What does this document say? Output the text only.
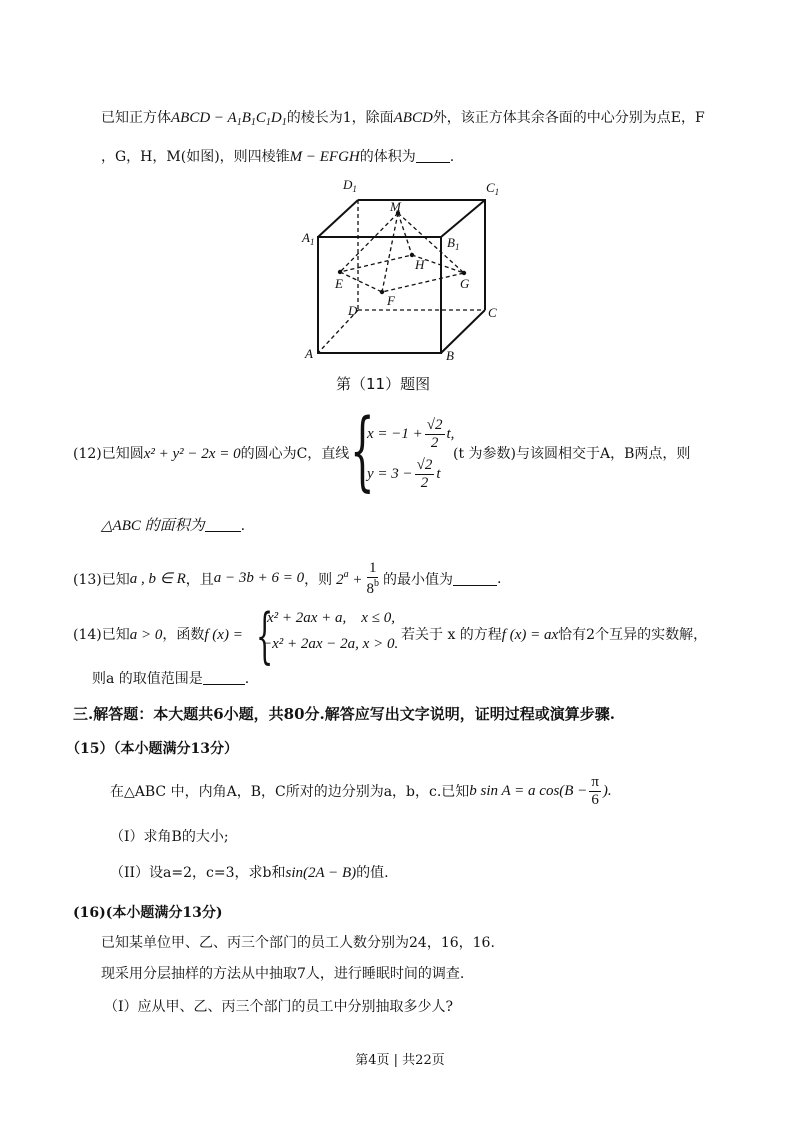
已知正方体ABCD − $A_1B_1C_1D_1$的棱长为1，除面ABCD外，该正方体其余各面的中心分别为点E，F
，G，H，M(如图)，则四棱锥M − EFGH的体积为 .
$D_1$	$C_1$
$A_1$	$B_1$
M
H
E	G
F
D	C
A	B
第（11）题图
(12)已知圆x² + y² − 2x = 0的圆心为C，直线 {
$x = -1 + \frac{√2}{2} t$,
$y = 3 - \frac{√2}{2}$ t
(t 为参数)与该圆相交于A，B两点，则
△ABC 的面积为	.
(13)已知 a , b ∈ R ，且 a − 3b + 6 = 0 ，则 $2^a + \frac{1}{8^b}$ 的最小值为	.
(14)已知a > 0，函数f (x) = {
x² + 2ax + a,    x ≤ 0,
−x² + 2ax − 2a, x > 0.
若关于 x 的方程f (x) = ax恰有2个互异的实数解，
则a 的取值范围是	.
三.解答题：本大题共6小题，共80分.解答应写出文字说明，证明过程或演算步骤.
（15）（本小题满分13分）
在△ABC 中，内角A，B，C所对的边分别为a，b，c.已知 b sin A = a $\cos(B - \frac{\pi}{6}$ ).
（I）求角B的大小;
（II）设a=2，c=3，求b和sin(2A − B)的值.
(16)(本小题满分13分)
已知某单位甲、乙、丙三个部门的员工人数分别为24，16，16.
现采用分层抽样的方法从中抽取7人，进行睡眠时间的调查.
（I）应从甲、乙、丙三个部门的员工中分别抽取多少人?
第4页 | 共22页
